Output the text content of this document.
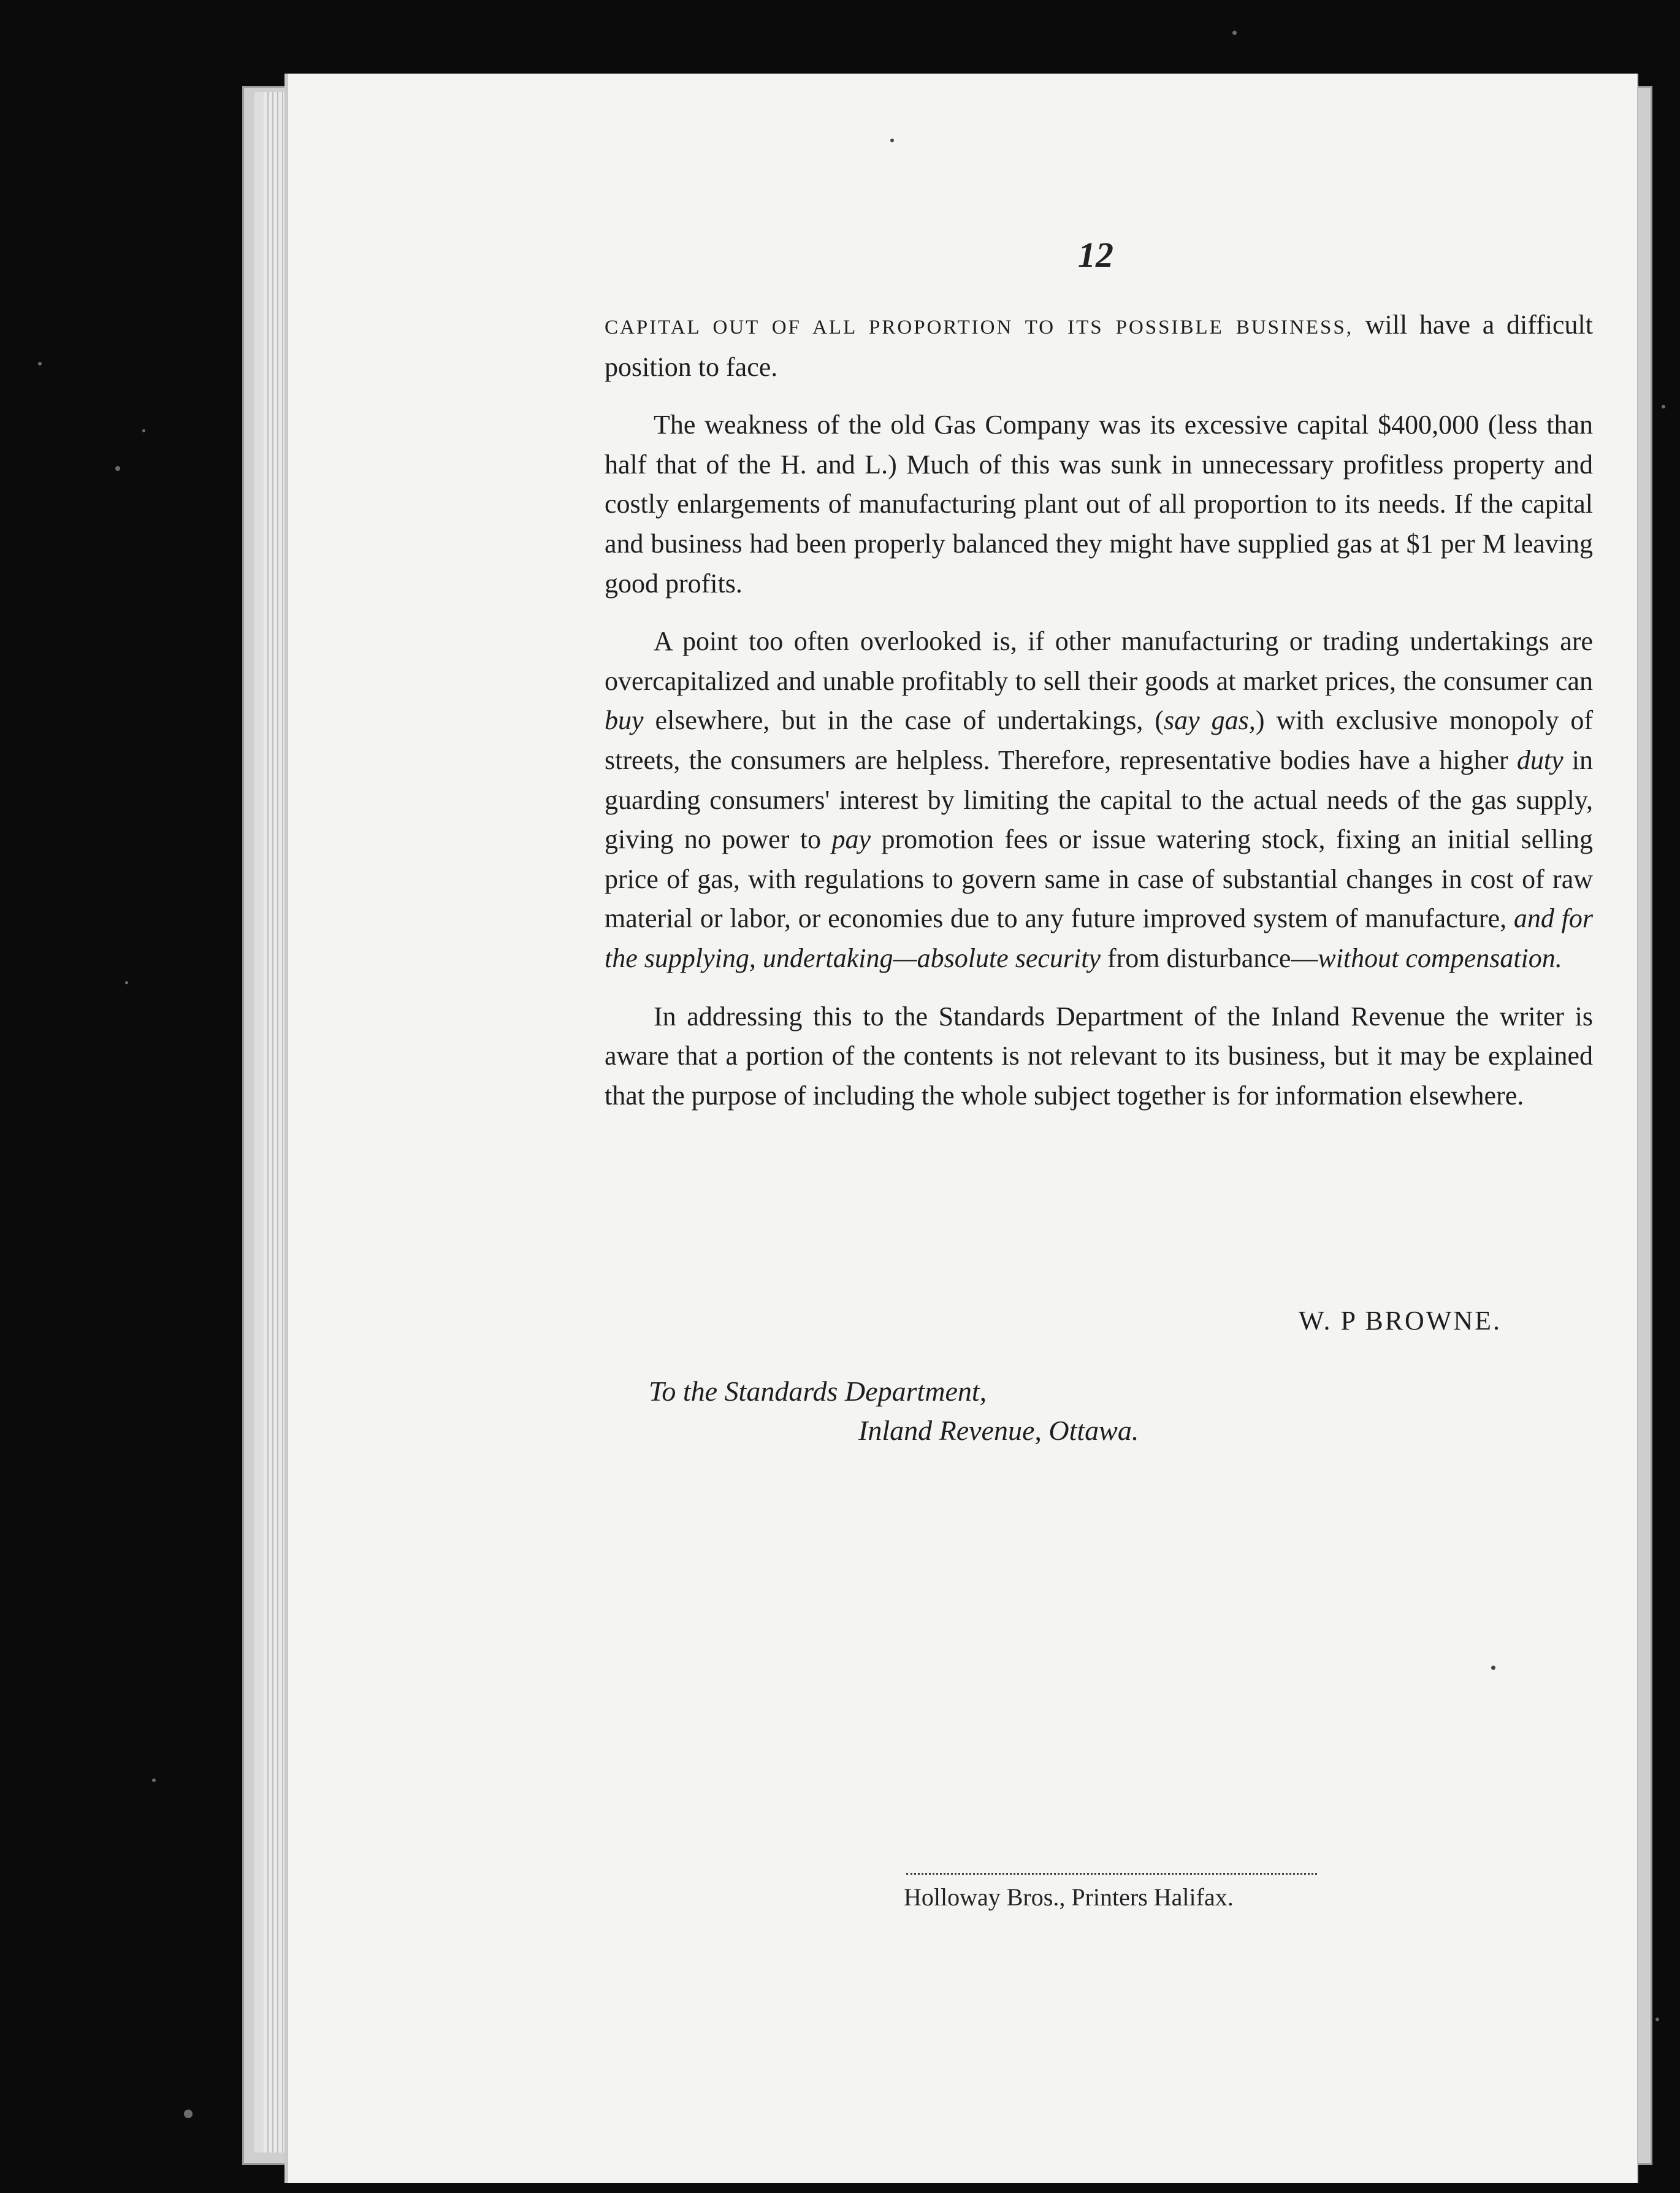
12

CAPITAL OUT OF ALL PROPORTION TO ITS POSSIBLE BUSINESS, will have a difficult position to face.

The weakness of the old Gas Company was its excessive capital $400,000 (less than half that of the H. and L.) Much of this was sunk in unnecessary profitless property and costly enlargements of manufacturing plant out of all proportion to its needs. If the capital and business had been properly balanced they might have supplied gas at $1 per M leaving good profits.

A point too often overlooked is, if other manufacturing or trading undertakings are overcapitalized and unable profitably to sell their goods at market prices, the consumer can buy elsewhere, but in the case of undertakings, (say gas,) with exclusive monopoly of streets, the consumers are helpless. Therefore, representative bodies have a higher duty in guarding consumers' interest by limiting the capital to the actual needs of the gas supply, giving no power to pay promotion fees or issue watering stock, fixing an initial selling price of gas, with regulations to govern same in case of substantial changes in cost of raw material or labor, or economies due to any future improved system of manufacture, and for the supplying, undertaking—absolute security from disturbance—without compensation.

In addressing this to the Standards Department of the Inland Revenue the writer is aware that a portion of the contents is not relevant to its business, but it may be explained that the purpose of including the whole subject together is for information elsewhere.

W. P BROWNE.
To the Standards Department,
Inland Revenue, Ottawa.
Holloway Bros., Printers Halifax.
